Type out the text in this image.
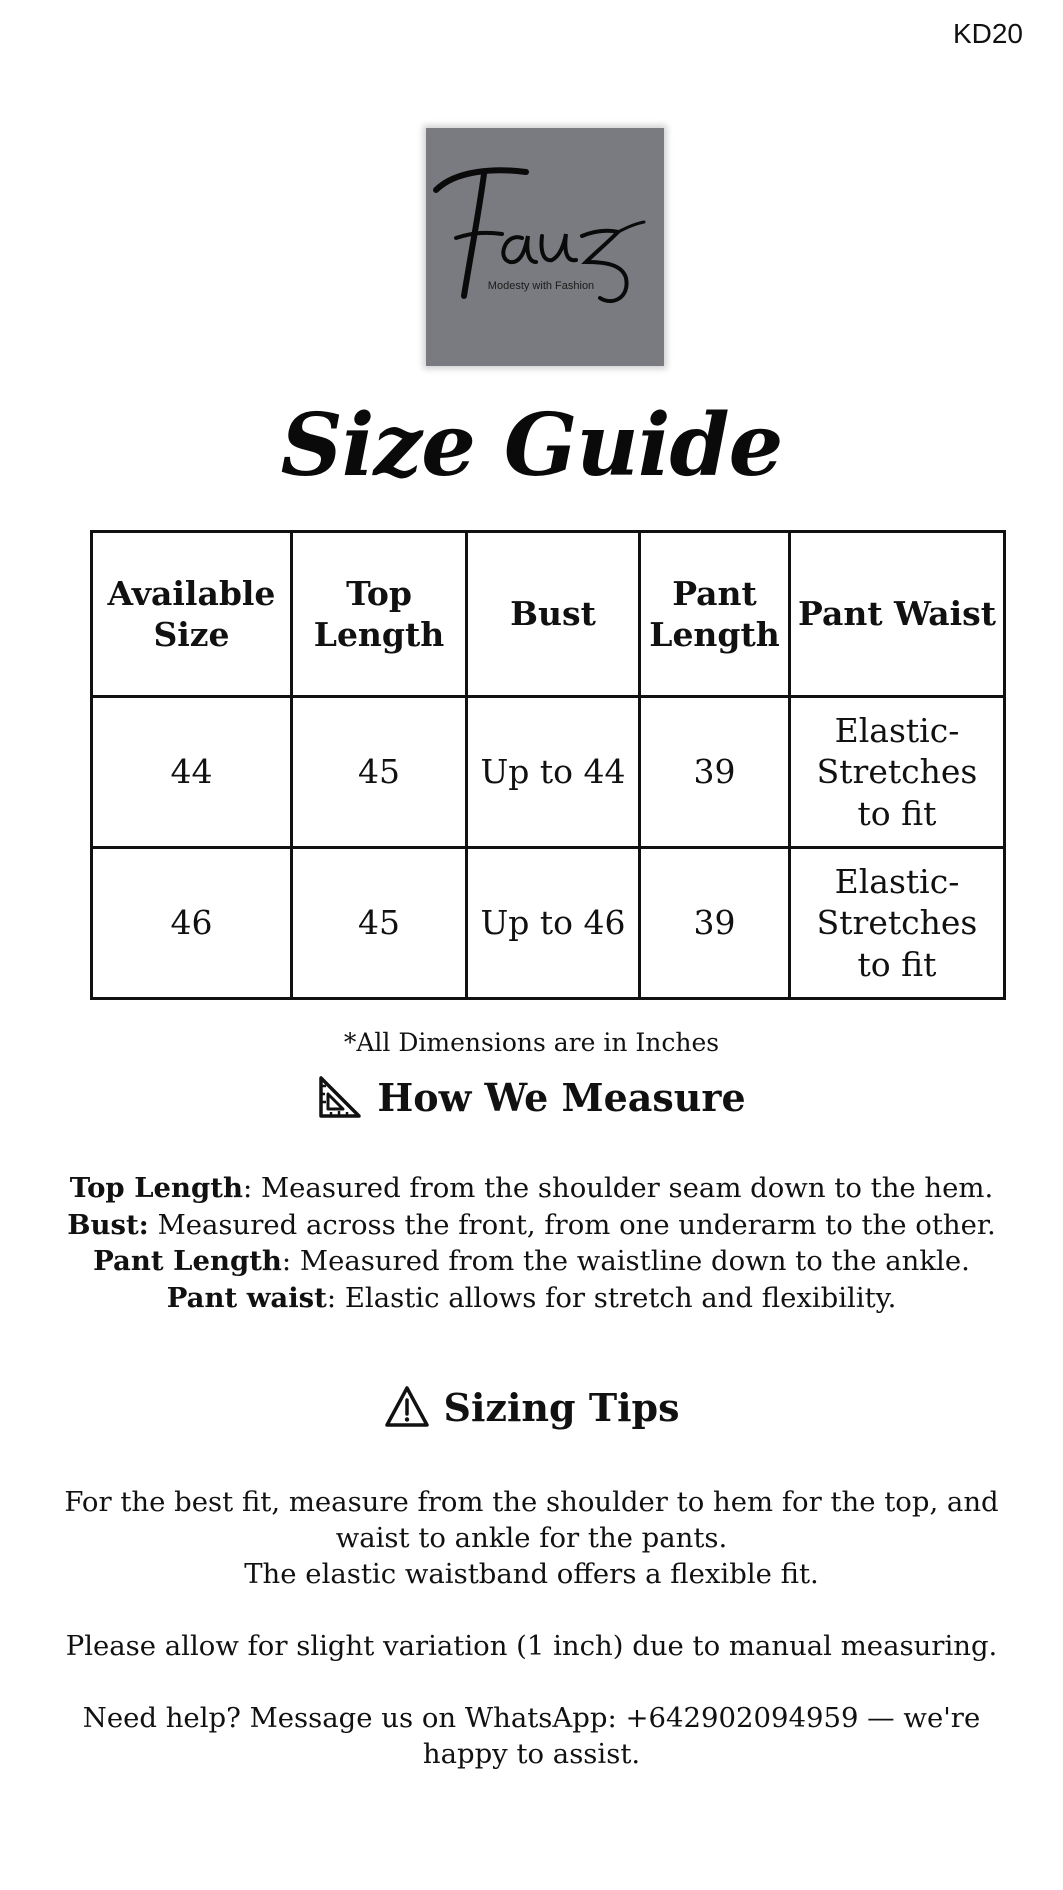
KD20
Modesty with Fashion
Size Guide
Available Size	Top Length	Bust	Pant Length	Pant Waist
44	45	Up to 44	39	Elastic- Stretches to fit
46	45	Up to 46	39	Elastic- Stretches to fit
*All Dimensions are in Inches
How We Measure
Top Length: Measured from the shoulder seam down to the hem.
Bust: Measured across the front, from one underarm to the other.
Pant Length: Measured from the waistline down to the ankle.
Pant waist: Elastic allows for stretch and flexibility.
Sizing Tips

For the best fit, measure from the shoulder to hem for the top, and waist to ankle for the pants.

The elastic waistband offers a flexible fit.

Please allow for slight variation (1 inch) due to manual measuring.

Need help? Message us on WhatsApp: +642902094959 — we're happy to assist.
